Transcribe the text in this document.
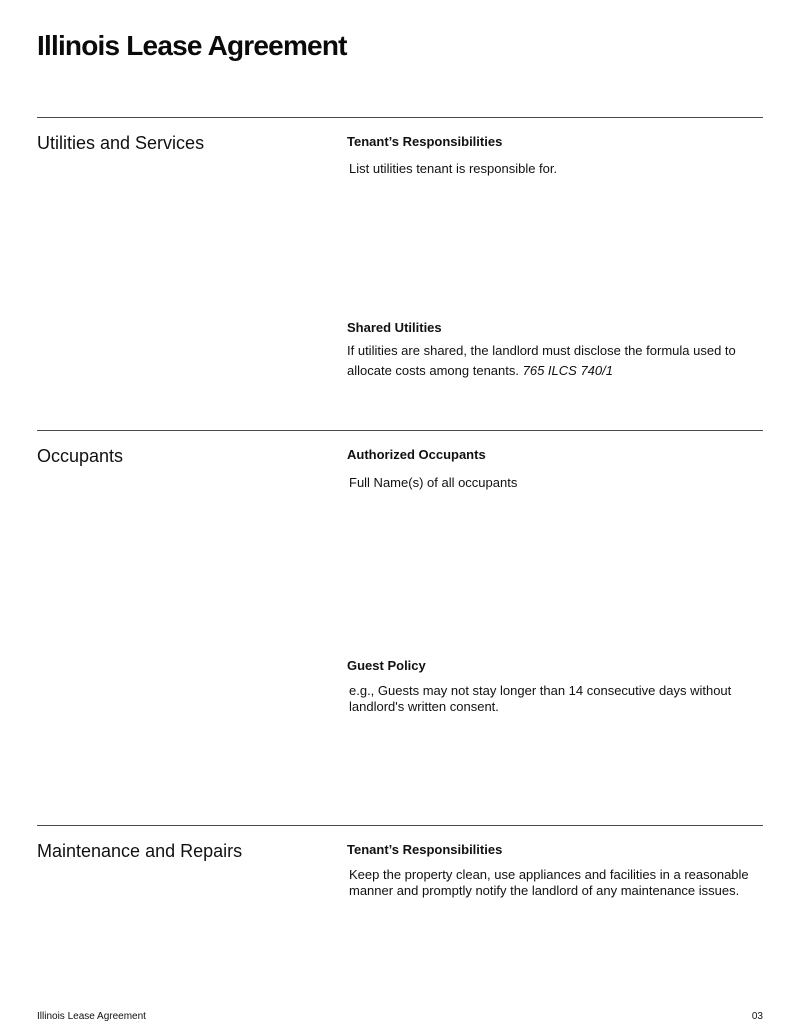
Illinois Lease Agreement
Utilities and Services	Tenant’s Responsibilities
List utilities tenant is responsible for.
Shared Utilities
If utilities are shared, the landlord must disclose the formula used to allocate costs among tenants. 765 ILCS 740/1
Occupants	Authorized Occupants
Full Name(s) of all occupants
Guest Policy
e.g., Guests may not stay longer than 14 consecutive days without landlord's written consent.
Maintenance and Repairs	Tenant’s Responsibilities
Keep the property clean, use appliances and facilities in a reasonable manner and promptly notify the landlord of any maintenance issues.
Illinois Lease Agreement	03
